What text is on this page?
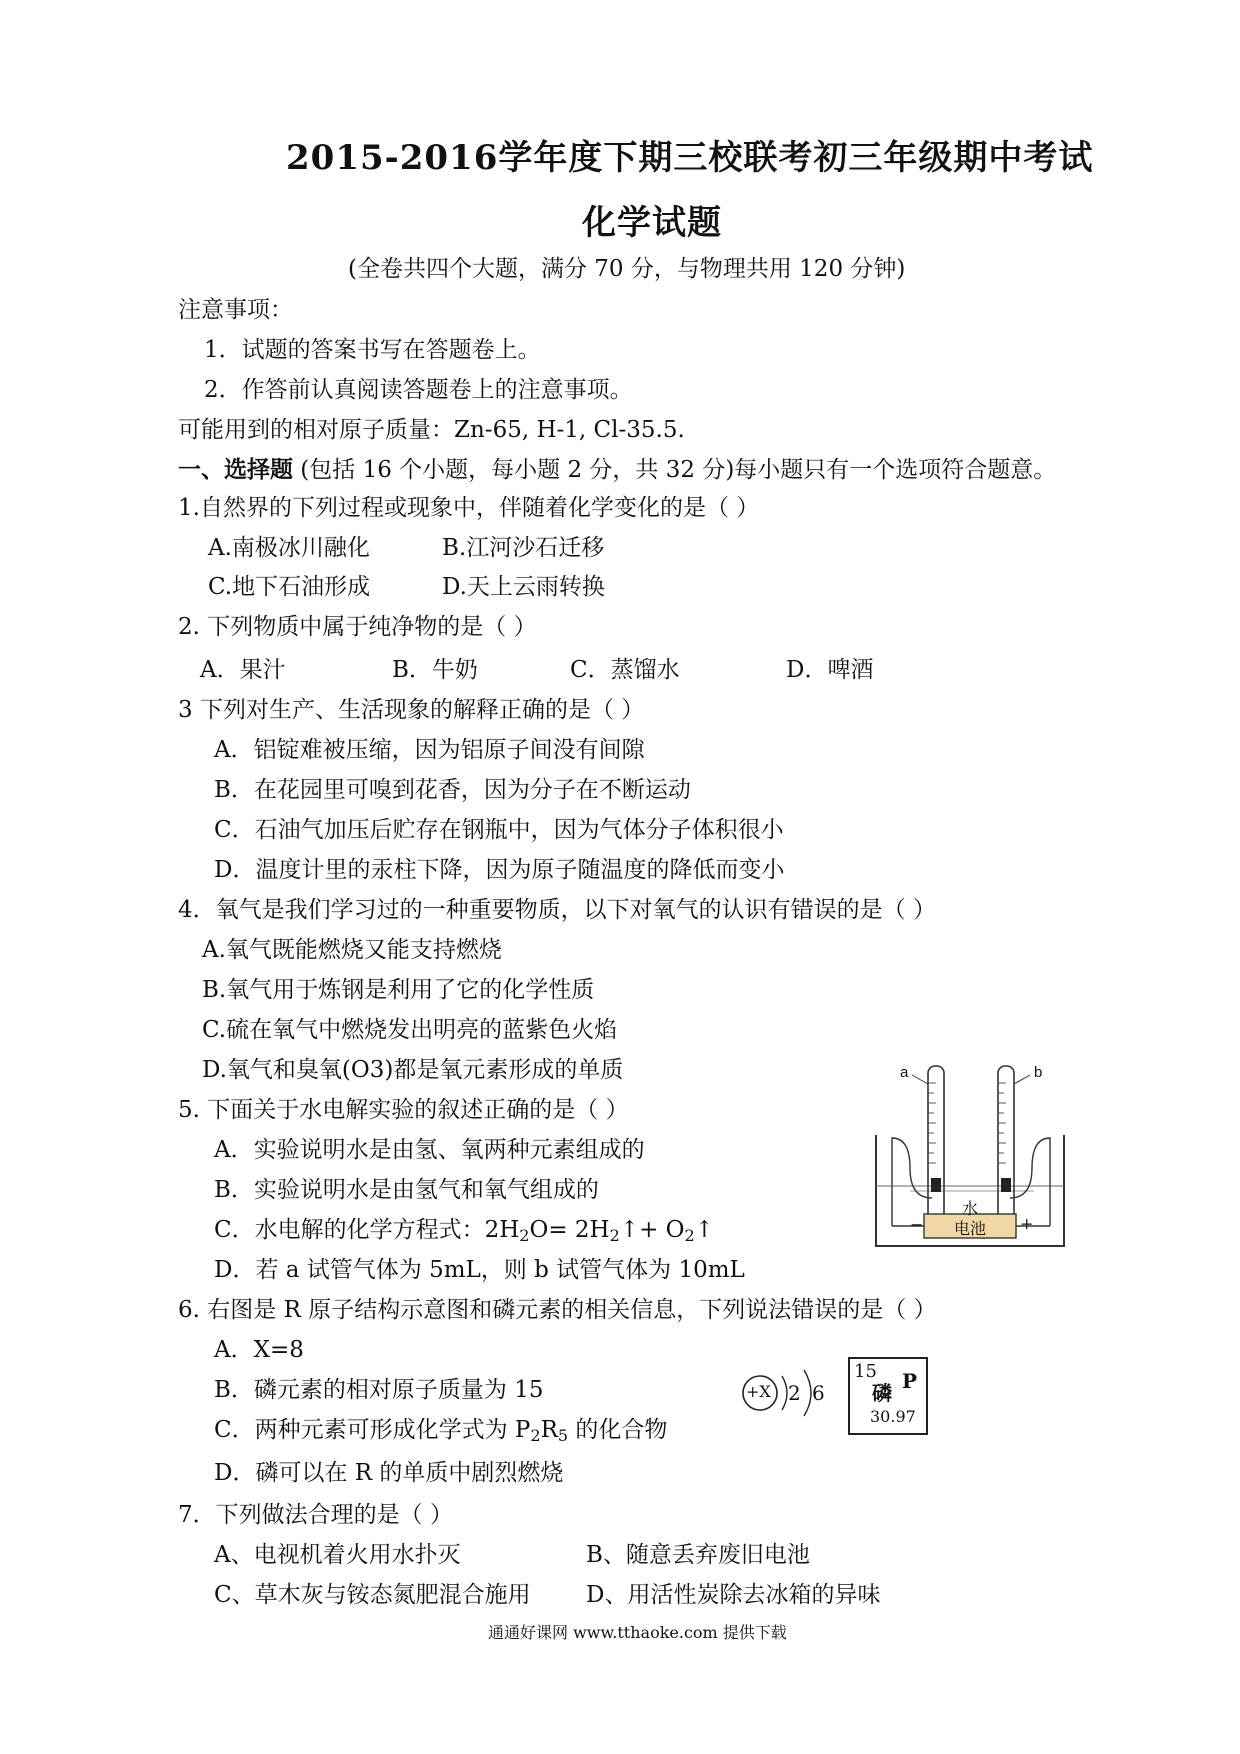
2015-2016学年度下期三校联考初三年级期中考试
化学试题
(全卷共四个大题，满分 70 分，与物理共用 120 分钟)
注意事项：
1．试题的答案书写在答题卷上。
2．作答前认真阅读答题卷上的注意事项。
可能用到的相对原子质量：Zn-65, H-1, Cl-35.5.
一、选择题 (包括 16 个小题，每小题 2 分，共 32 分)每小题只有一个选项符合题意。
1.自然界的下列过程或现象中，伴随着化学变化的是（ ）
A.南极冰川融化	B.江河沙石迁移
C.地下石油形成	D.天上云雨转换
2. 下列物质中属于纯净物的是（ ）
A．果汁	B．牛奶	C．蒸馏水	D．啤酒
3 下列对生产、生活现象的解释正确的是（ ）
A．铝锭难被压缩，因为铝原子间没有间隙
B．在花园里可嗅到花香，因为分子在不断运动
C．石油气加压后贮存在钢瓶中，因为气体分子体积很小
D．温度计里的汞柱下降，因为原子随温度的降低而变小
4．氧气是我们学习过的一种重要物质，以下对氧气的认识有错误的是（ ）
A.氧气既能燃烧又能支持燃烧
B.氧气用于炼钢是利用了它的化学性质
C.硫在氧气中燃烧发出明亮的蓝紫色火焰
D.氧气和臭氧(O3)都是氧元素形成的单质
5. 下面关于水电解实验的叙述正确的是（ ）
A．实验说明水是由氢、氧两种元素组成的
B．实验说明水是由氢气和氧气组成的
C．水电解的化学方程式：$2H_2O=$ $2H_2↑+$ $O_2↑$
D．若 a 试管气体为 5mL，则 b 试管气体为 10mL
a	b
水
电池
−	+
6. 右图是 R 原子结构示意图和磷元素的相关信息，下列说法错误的是（ ）
A．X=8
B．磷元素的相对原子质量为 15
C．两种元素可形成化学式为 $P_2R_5$ 的化合物
D．磷可以在 R 的单质中剧烈燃烧
+X 2 6
15
磷 P
30.97
7．下列做法合理的是（ ）
A、电视机着火用水扑灭	B、随意丢弃废旧电池
C、草木灰与铵态氮肥混合施用 D、用活性炭除去冰箱的异味
通通好课网 www.tthaoke.com 提供下载
